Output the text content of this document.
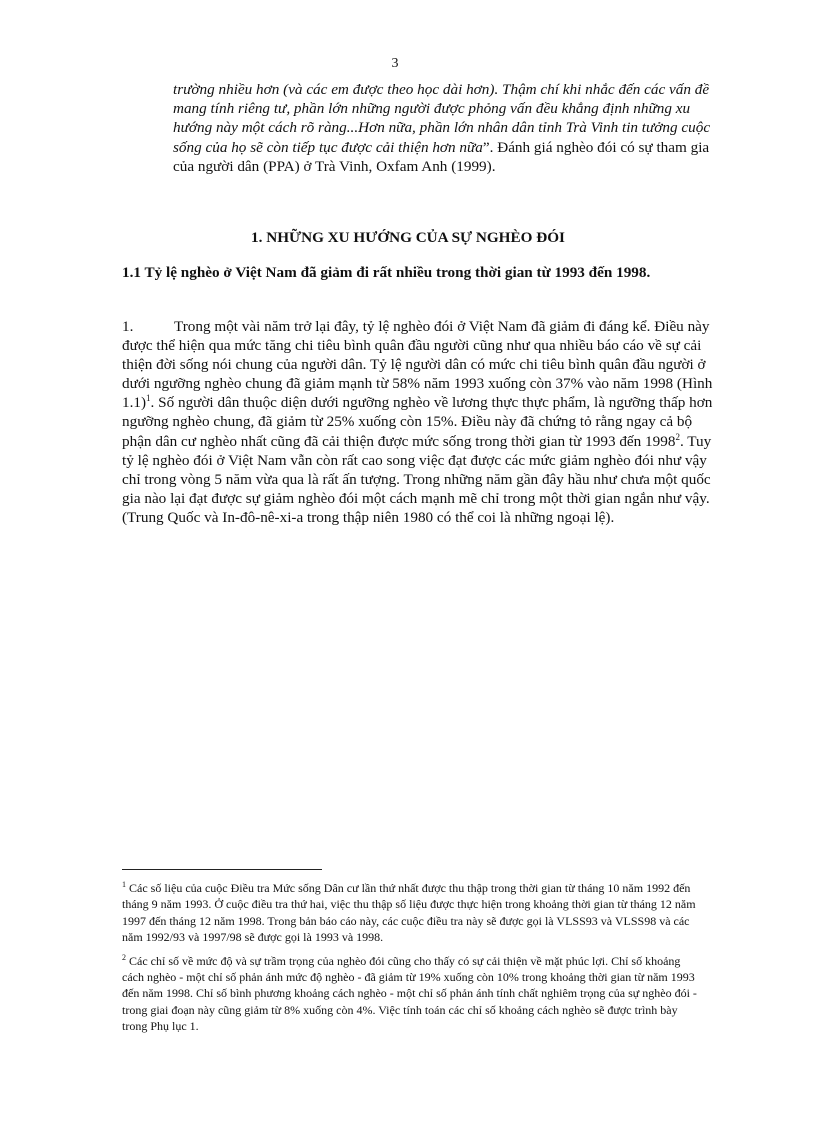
3
trường nhiều hơn (và các em được theo học dài hơn). Thậm chí khi nhắc đến các vấn đề mang tính riêng tư, phần lớn những người được phỏng vấn đều khẳng định những xu hướng này một cách rõ ràng...Hơn nữa, phần lớn nhân dân tỉnh Trà Vinh tin tưởng cuộc sống của họ sẽ còn tiếp tục được cải thiện hơn nữa”. Đánh giá nghèo đói có sự tham gia của người dân (PPA) ở Trà Vinh, Oxfam Anh (1999).
1. NHỮNG XU HƯỚNG CỦA SỰ NGHÈO ĐÓI
1.1 Tỷ lệ nghèo ở Việt Nam đã giảm đi rất nhiều trong thời gian từ 1993 đến 1998.
1.	Trong một vài năm trở lại đây, tỷ lệ nghèo đói ở Việt Nam đã giảm đi đáng kể. Điều này được thể hiện qua mức tăng chi tiêu bình quân đầu người cũng như qua nhiều báo cáo về sự cải thiện đời sống nói chung của người dân. Tỷ lệ người dân có mức chi tiêu bình quân đầu người ở dưới ngưỡng nghèo chung đã giảm mạnh từ 58% năm 1993 xuống còn 37% vào năm 1998 (Hình 1.1)$^1$. Số người dân thuộc diện dưới ngưỡng nghèo về lương thực thực phẩm, là ngưỡng thấp hơn ngưỡng nghèo chung, đã giảm từ 25% xuống còn 15%. Điều này đã chứng tỏ rằng ngay cả bộ phận dân cư nghèo nhất cũng đã cải thiện được mức sống trong thời gian từ 1993 đến 1998$^2$. Tuy tỷ lệ nghèo đói ở Việt Nam vẫn còn rất cao song việc đạt được các mức giảm nghèo đói như vậy chỉ trong vòng 5 năm vừa qua là rất ấn tượng. Trong những năm gần đây hầu như chưa một quốc gia nào lại đạt được sự giảm nghèo đói một cách mạnh mẽ chỉ trong một thời gian ngắn như vậy. (Trung Quốc và In-đô-nê-xi-a trong thập niên 1980 có thể coi là những ngoại lệ).

$^1$ Các số liệu của cuộc Điều tra Mức sống Dân cư lần thứ nhất được thu thập trong thời gian từ tháng 10 năm 1992 đến tháng 9 năm 1993. Ở cuộc điều tra thứ hai, việc thu thập số liệu được thực hiện trong khoảng thời gian từ tháng 12 năm 1997 đến tháng 12 năm 1998. Trong bản báo cáo này, các cuộc điều tra này sẽ được gọi là VLSS93 và VLSS98 và các năm 1992/93 và 1997/98 sẽ được gọi là 1993 và 1998.

$^2$ Các chỉ số về mức độ và sự trầm trọng của nghèo đói cũng cho thấy có sự cải thiện về mặt phúc lợi. Chỉ số khoảng cách nghèo - một chỉ số phản ánh mức độ nghèo - đã giảm từ 19% xuống còn 10% trong khoảng thời gian từ năm 1993 đến năm 1998. Chỉ số bình phương khoảng cách nghèo - một chỉ số phản ánh tính chất nghiêm trọng của sự nghèo đói - trong giai đoạn này cũng giảm từ 8% xuống còn 4%. Việc tính toán các chỉ số khoảng cách nghèo sẽ được trình bày trong Phụ lục 1.
